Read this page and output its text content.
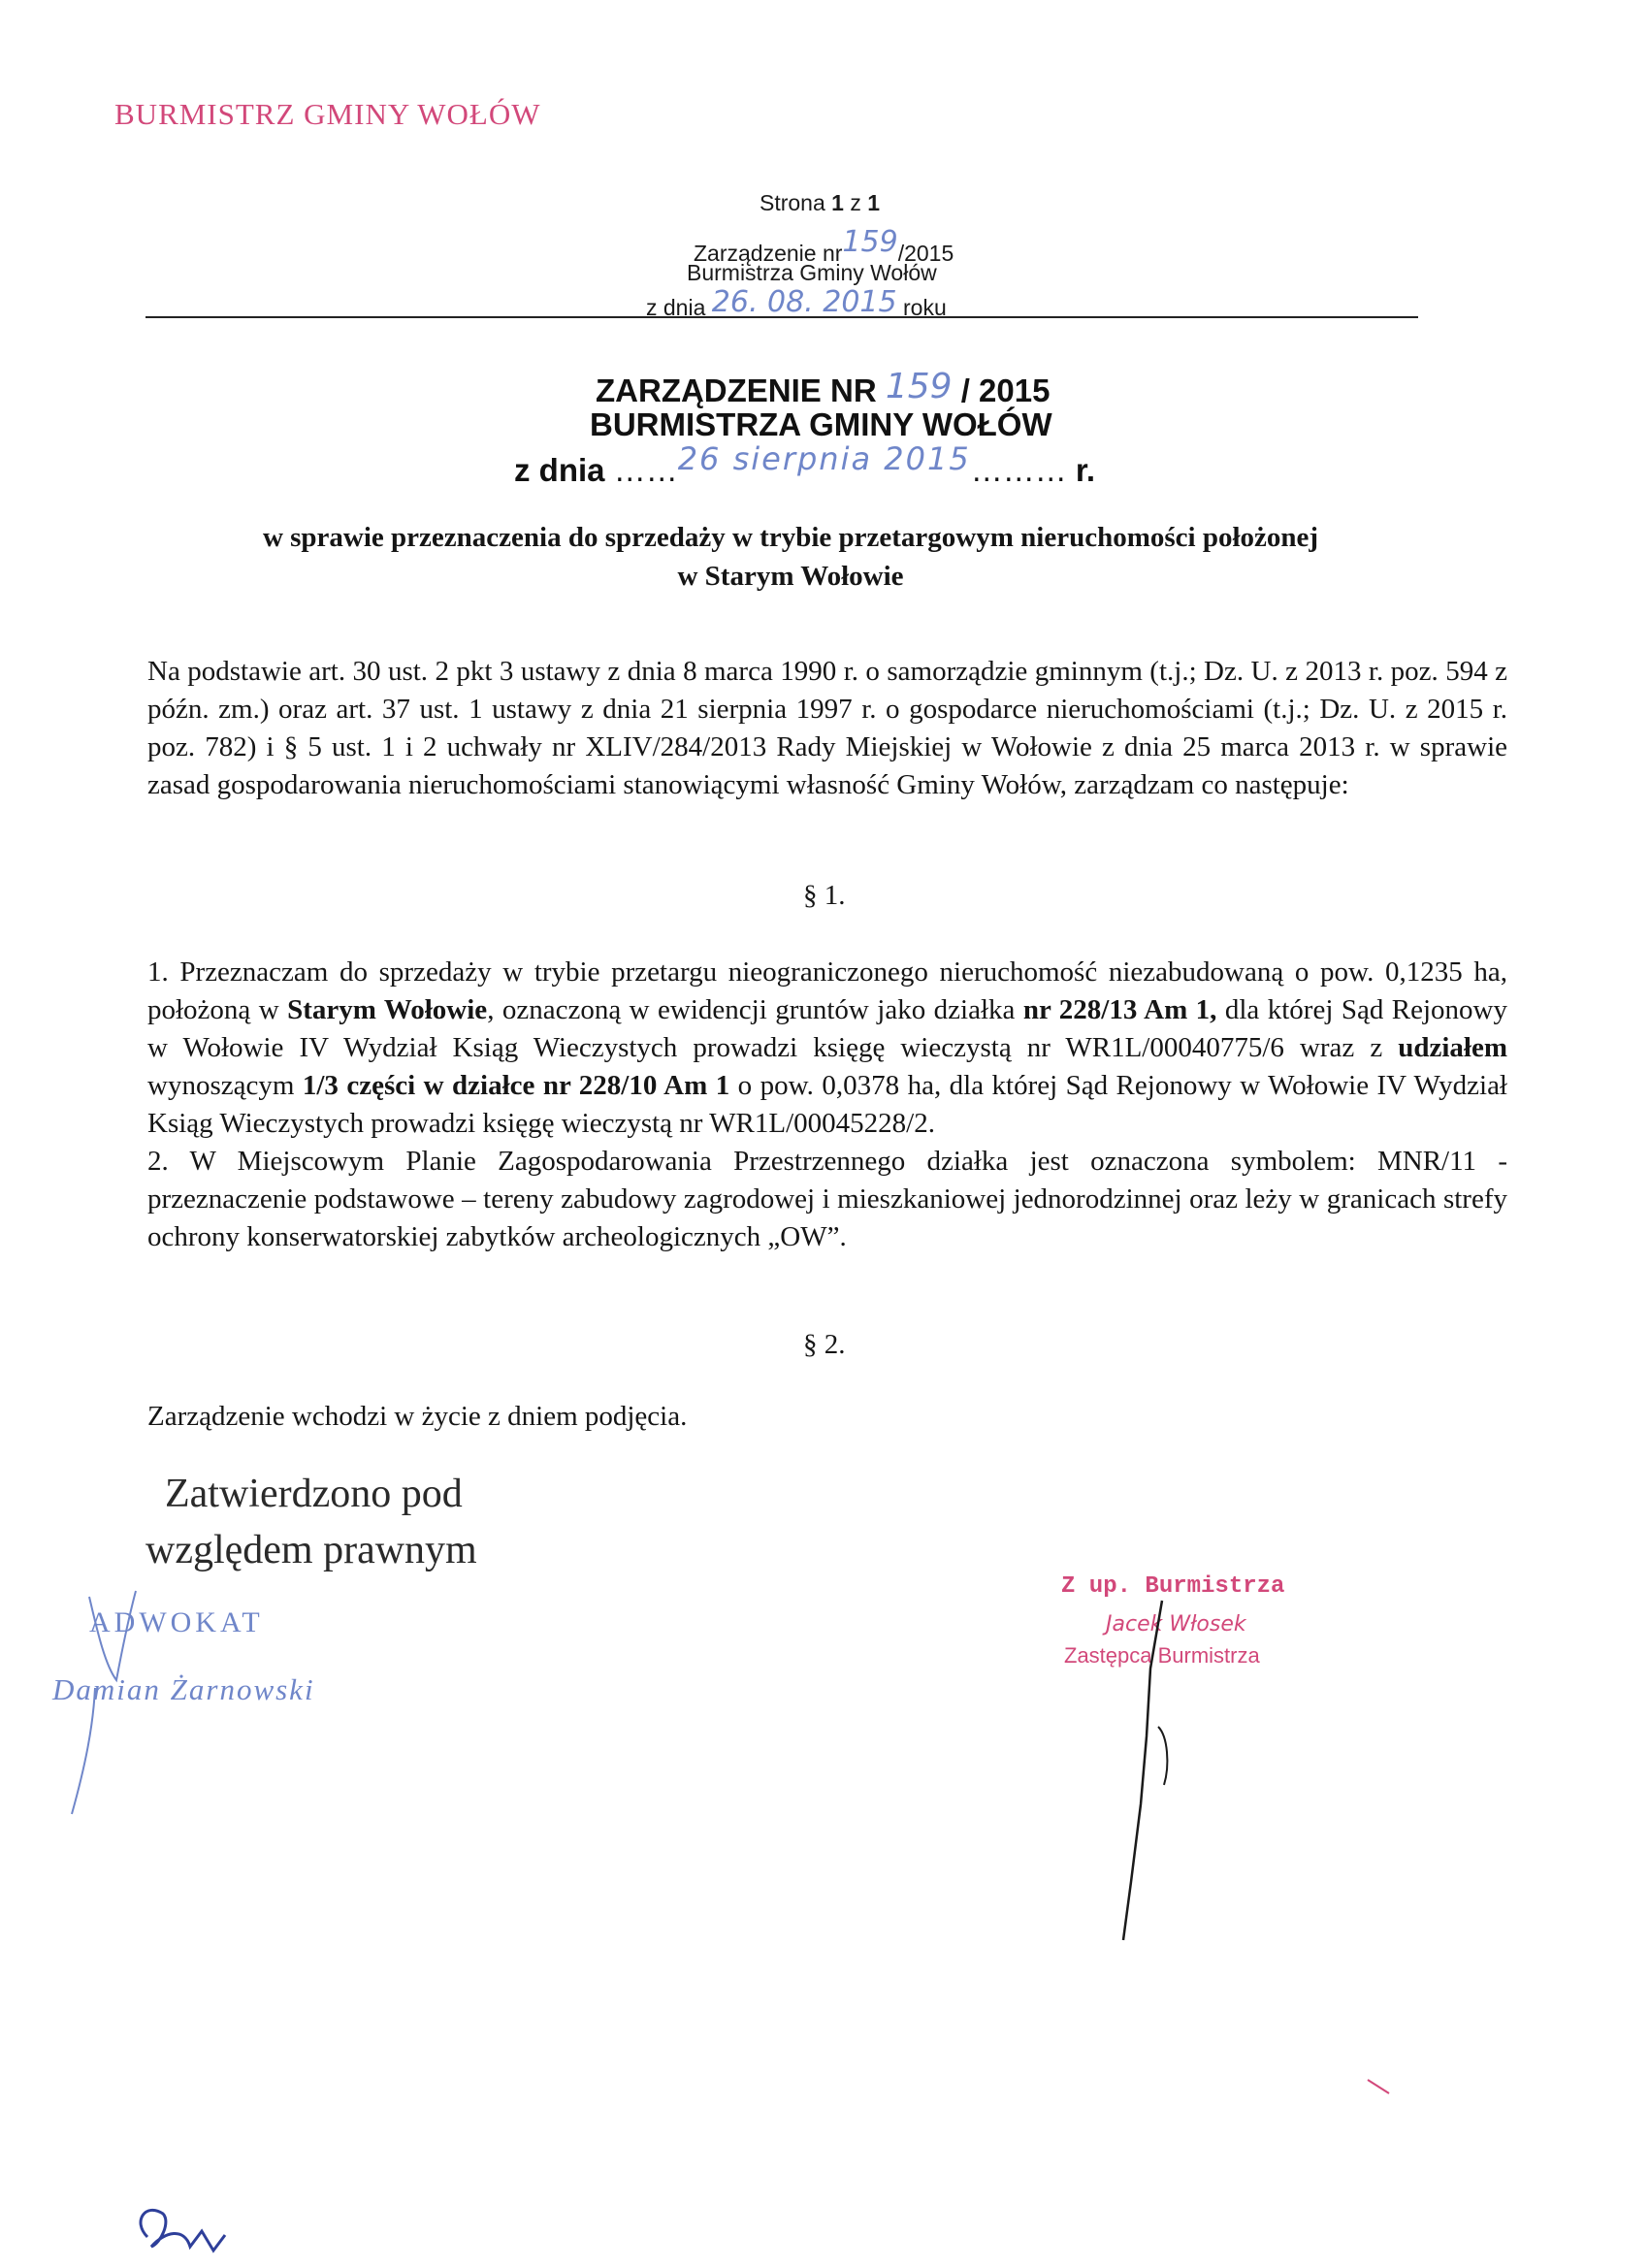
BURMISTRZ GMINY WOŁÓW
Strona 1 z 1
Zarządzenie nr159/2015
Burmistrza Gminy Wołów
z dnia 26. 08. 2015 roku
ZARZĄDZENIE NR 159 / 2015
BURMISTRZA GMINY WOŁÓW
z dnia ……26 sierpnia 2015……… r.
w sprawie przeznaczenia do sprzedaży w trybie przetargowym nieruchomości położonej
w Starym Wołowie

Na podstawie art. 30 ust. 2 pkt 3 ustawy z dnia 8 marca 1990 r. o samorządzie gminnym (t.j.; Dz. U. z 2013 r. poz. 594 z późn. zm.) oraz art. 37 ust. 1 ustawy z dnia 21 sierpnia 1997 r. o gospodarce nieruchomościami (t.j.; Dz. U. z 2015 r. poz. 782) i § 5 ust. 1 i 2 uchwały nr XLIV/284/2013 Rady Miejskiej w Wołowie z dnia 25 marca 2013 r. w sprawie zasad gospodarowania nieruchomościami stanowiącymi własność Gminy Wołów, zarządzam co następuje:

§ 1.

1. Przeznaczam do sprzedaży w trybie przetargu nieograniczonego nieruchomość niezabudowaną o pow. 0,1235 ha, położoną w Starym Wołowie, oznaczoną w ewidencji gruntów jako działka nr 228/13 Am 1, dla której Sąd Rejonowy w Wołowie IV Wydział Ksiąg Wieczystych prowadzi księgę wieczystą nr WR1L/00040775/6 wraz z udziałem wynoszącym 1/3 części w działce nr 228/10 Am 1 o pow. 0,0378 ha, dla której Sąd Rejonowy w Wołowie IV Wydział Ksiąg Wieczystych prowadzi księgę wieczystą nr WR1L/00045228/2.

2. W Miejscowym Planie Zagospodarowania Przestrzennego działka jest oznaczona symbolem: MNR/11 - przeznaczenie podstawowe – tereny zabudowy zagrodowej i mieszkaniowej jednorodzinnej oraz leży w granicach strefy ochrony konserwatorskiej zabytków archeologicznych „OW”.

§ 2.
Zarządzenie wchodzi w życie z dniem podjęcia.
Zatwierdzono pod
względem prawnym
ADWOKAT
Damian Żarnowski
Z up. Burmistrza
Jacek Włosek
Zastępca Burmistrza
